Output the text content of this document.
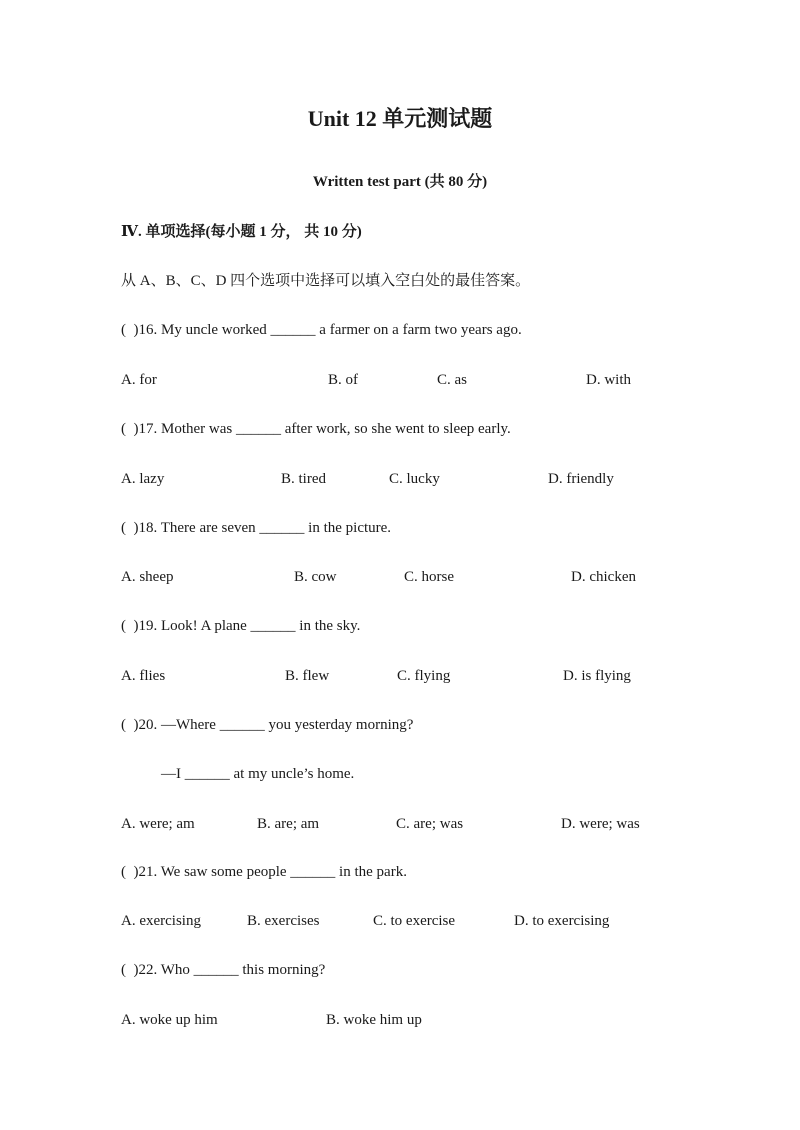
Unit 12 单元测试题
Written test part (共 80 分)
Ⅳ. 单项选择(每小题 1 分， 共 10 分)
从 A、B、C、D 四个选项中选择可以填入空白处的最佳答案。
(  )16. My uncle worked ______ a farmer on a farm two years ago.
A. for	B. of	C. as	D. with
(  )17. Mother was ______ after work, so she went to sleep early.
A. lazy	B. tired	C. lucky	D. friendly
(  )18. There are seven ______ in the picture.
A. sheep	B. cow	C. horse	D. chicken
(  )19. Look! A plane ______ in the sky.
A. flies	B. flew	C. flying	D. is flying
(  )20. —Where ______ you yesterday morning?
—I ______ at my uncle’s home.
A. were; am	B. are; am	C. are; was	D. were; was
(  )21. We saw some people ______ in the park.
A. exercising	B. exercises	C. to exercise	D. to exercising
(  )22. Who ______ this morning?
A. woke up him	B. woke him up
